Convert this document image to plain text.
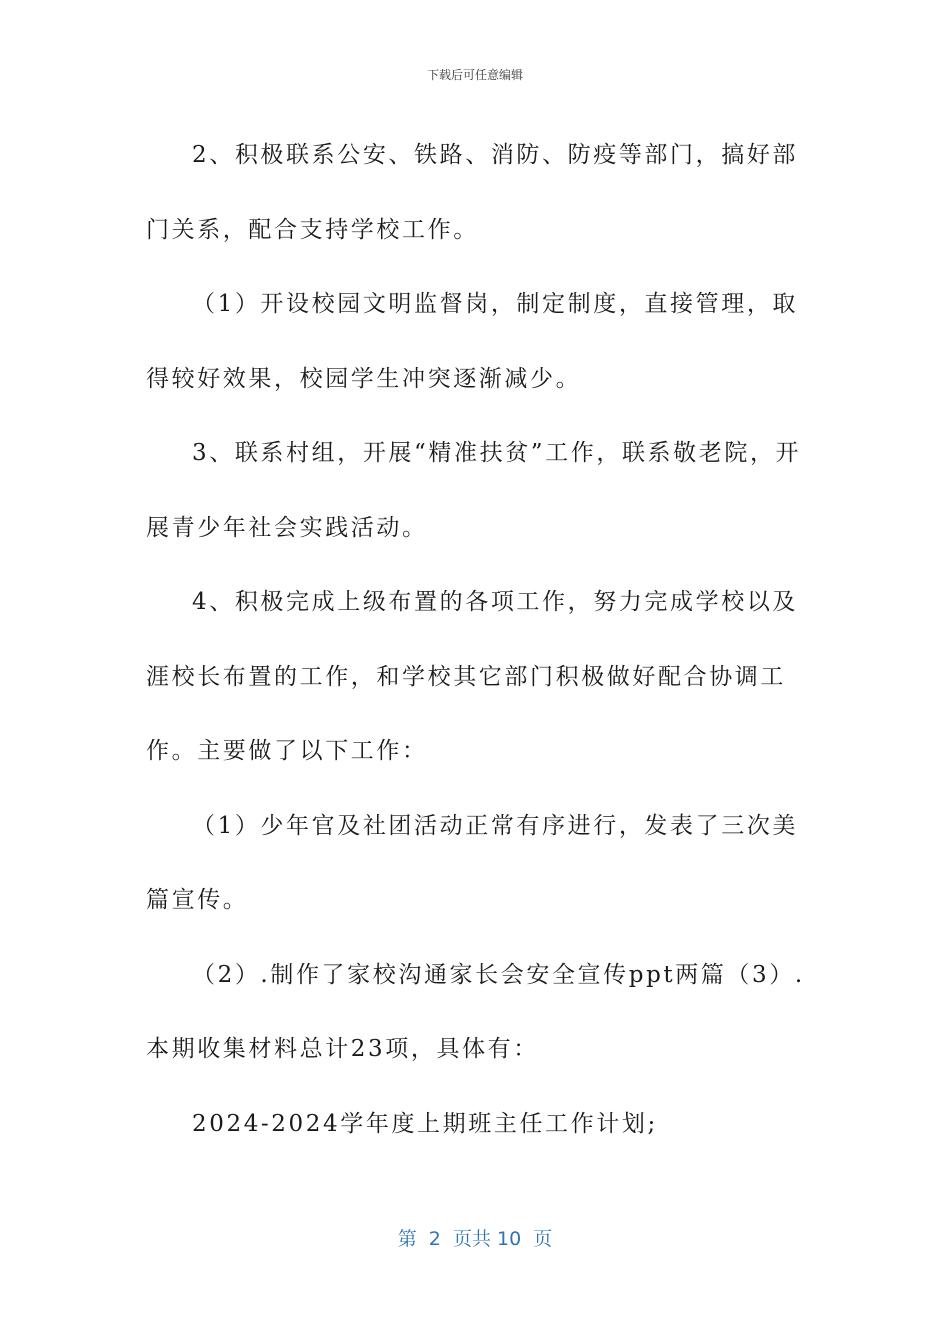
下载后可任意编辑

2、积极联系公安、铁路、消防、防疫等部门，搞好部门关系，配合支持学校工作。

（1）开设校园文明监督岗，制定制度，直接管理，取得较好效果，校园学生冲突逐渐减少。

3、联系村组，开展“精准扶贫”工作，联系敬老院，开展青少年社会实践活动。

4、积极完成上级布置的各项工作，努力完成学校以及涯校长布置的工作，和学校其它部门积极做好配合协调工作。主要做了以下工作：

（1）少年官及社团活动正常有序进行，发表了三次美篇宣传。

（2）.制作了家校沟通家长会安全宣传ppt两篇（3）.本期收集材料总计23项，具体有：

2024-2024学年度上期班主任工作计划;

第  2  页共 10  页
